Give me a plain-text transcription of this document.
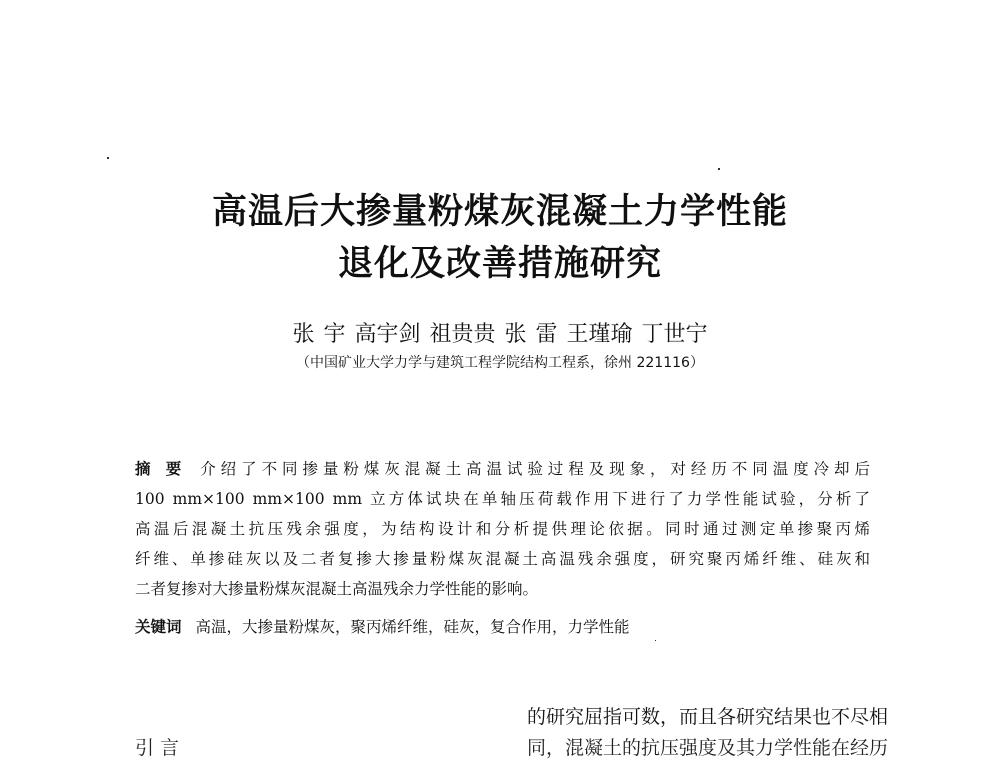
高温后大掺量粉煤灰混凝土力学性能
退化及改善措施研究
张 宇 高宇剑 祖贵贵 张 雷 王瑾瑜 丁世宁
（中国矿业大学力学与建筑工程学院结构工程系，徐州 221116）
摘 要 介绍了不同掺量粉煤灰混凝土高温试验过程及现象，对经历不同温度冷却后
100 mm×100 mm×100 mm 立方体试块在单轴压荷载作用下进行了力学性能试验，分析了
高温后混凝土抗压残余强度，为结构设计和分析提供理论依据。同时通过测定单掺聚丙烯
纤维、单掺硅灰以及二者复掺大掺量粉煤灰混凝土高温残余强度，研究聚丙烯纤维、硅灰和
二者复掺对大掺量粉煤灰混凝土高温残余力学性能的影响。
关键词 高温，大掺量粉煤灰，聚丙烯纤维，硅灰，复合作用，力学性能
的研究屈指可数，而且各研究结果也不尽相
同，混凝土的抗压强度及其力学性能在经历
引 言
